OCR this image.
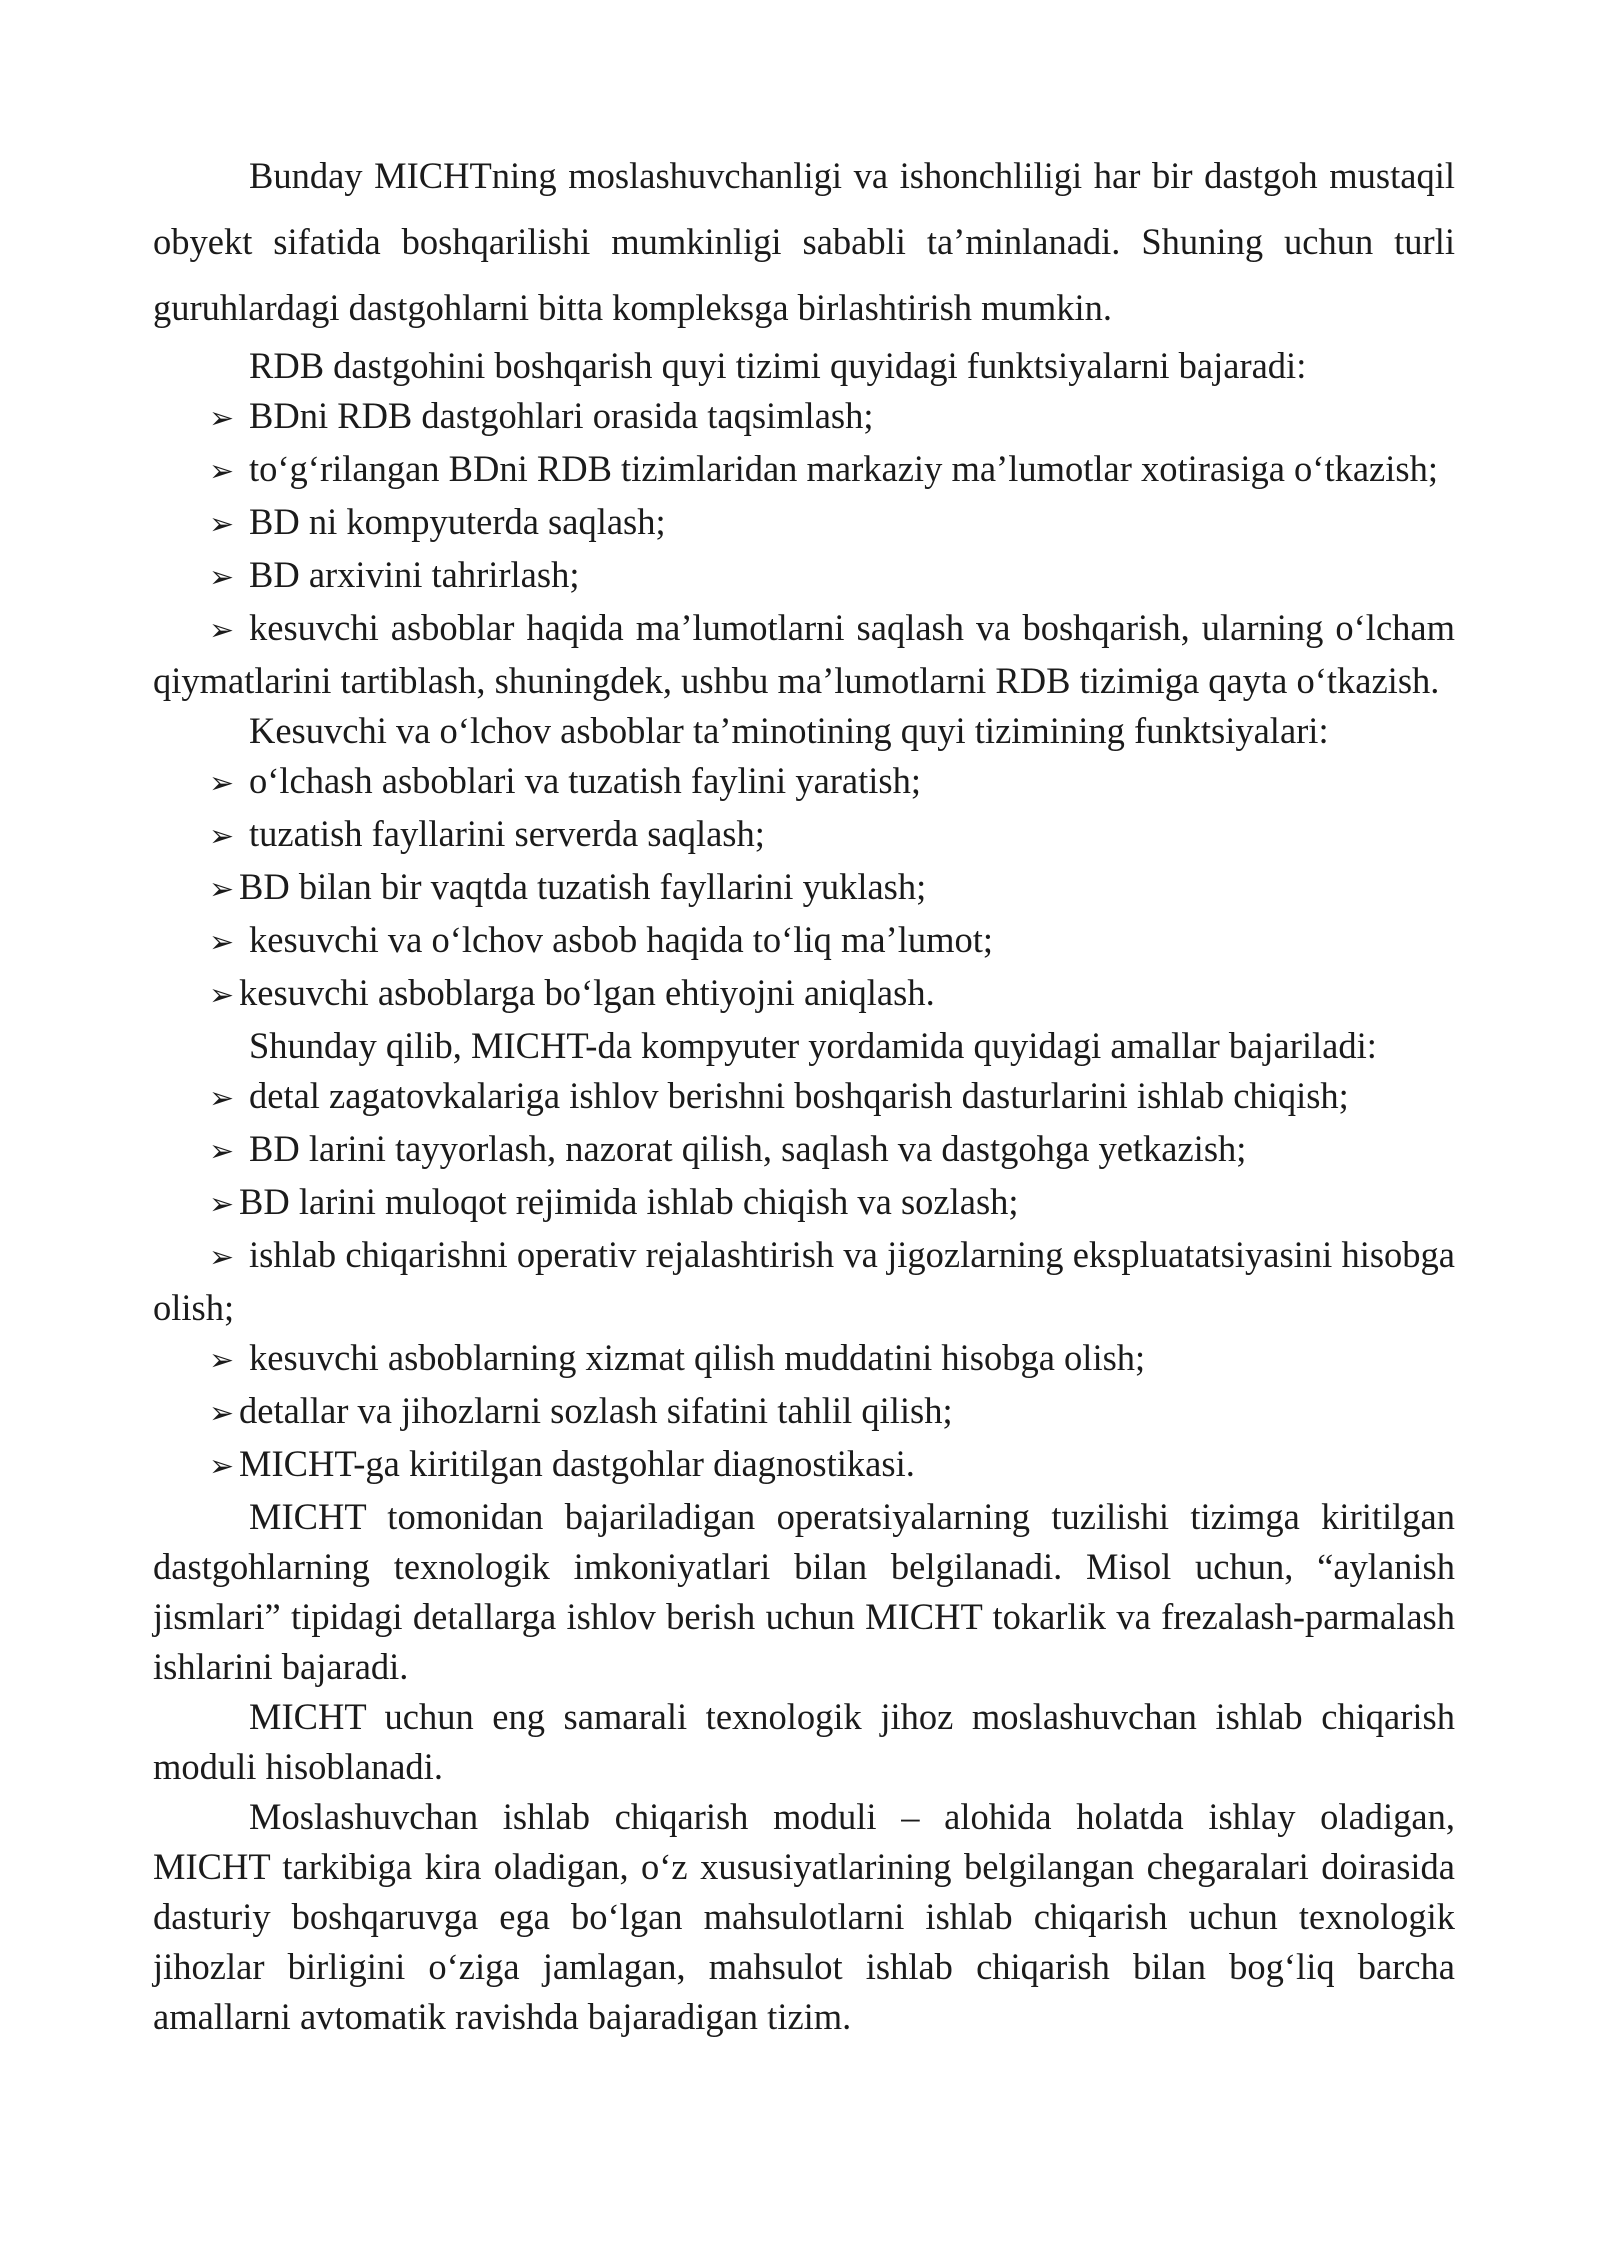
Bunday MICHTning moslashuvchanligi va ishonchliligi har bir dastgoh mustaqil obyekt sifatida boshqarilishi mumkinligi sababli ta’minlanadi. Shuning uchun turli guruhlardagi dastgohlarni bitta kompleksga birlashtirish mumkin.

RDB dastgohini boshqarish quyi tizimi quyidagi funktsiyalarni bajaradi:

➢ BDni RDB dastgohlari orasida taqsimlash;

➢ to‘g‘rilangan BDni RDB tizimlaridan markaziy ma’lumotlar xotirasiga o‘tkazish;

➢ BD ni kompyuterda saqlash;

➢ BD arxivini tahrirlash;

➢ kesuvchi asboblar haqida ma’lumotlarni saqlash va boshqarish, ularning o‘lcham qiymatlarini tartiblash, shuningdek, ushbu ma’lumotlarni RDB tizimiga qayta o‘tkazish.

Kesuvchi va o‘lchov asboblar ta’minotining quyi tizimining funktsiyalari:

➢ o‘lchash asboblari va tuzatish faylini yaratish;

➢ tuzatish fayllarini serverda saqlash;

➢ BD bilan bir vaqtda tuzatish fayllarini yuklash;

➢ kesuvchi va o‘lchov asbob haqida to‘liq ma’lumot;

➢ kesuvchi asboblarga bo‘lgan ehtiyojni aniqlash.

Shunday qilib, MICHT-da kompyuter yordamida quyidagi amallar bajariladi:

➢ detal zagatovkalariga ishlov berishni boshqarish dasturlarini ishlab chiqish;

➢ BD larini tayyorlash, nazorat qilish, saqlash va dastgohga yetkazish;

➢ BD larini muloqot rejimida ishlab chiqish va sozlash;

➢ ishlab chiqarishni operativ rejalashtirish va jigozlarning ekspluatatsiyasini hisobga olish;

➢ kesuvchi asboblarning xizmat qilish muddatini hisobga olish;

➢ detallar va jihozlarni sozlash sifatini tahlil qilish;

➢ MICHT-ga kiritilgan dastgohlar diagnostikasi.

MICHT tomonidan bajariladigan operatsiyalarning tuzilishi tizimga kiritilgan dastgohlarning texnologik imkoniyatlari bilan belgilanadi. Misol uchun, “aylanish jismlari” tipidagi detallarga ishlov berish uchun MICHT tokarlik va frezalash-parmalash ishlarini bajaradi.

MICHT uchun eng samarali texnologik jihoz moslashuvchan ishlab chiqarish moduli hisoblanadi.

Moslashuvchan ishlab chiqarish moduli – alohida holatda ishlay oladigan, MICHT tarkibiga kira oladigan, o‘z xususiyatlarining belgilangan chegaralari doirasida dasturiy boshqaruvga ega bo‘lgan mahsulotlarni ishlab chiqarish uchun texnologik jihozlar birligini o‘ziga jamlagan, mahsulot ishlab chiqarish bilan bog‘liq barcha amallarni avtomatik ravishda bajaradigan tizim.
